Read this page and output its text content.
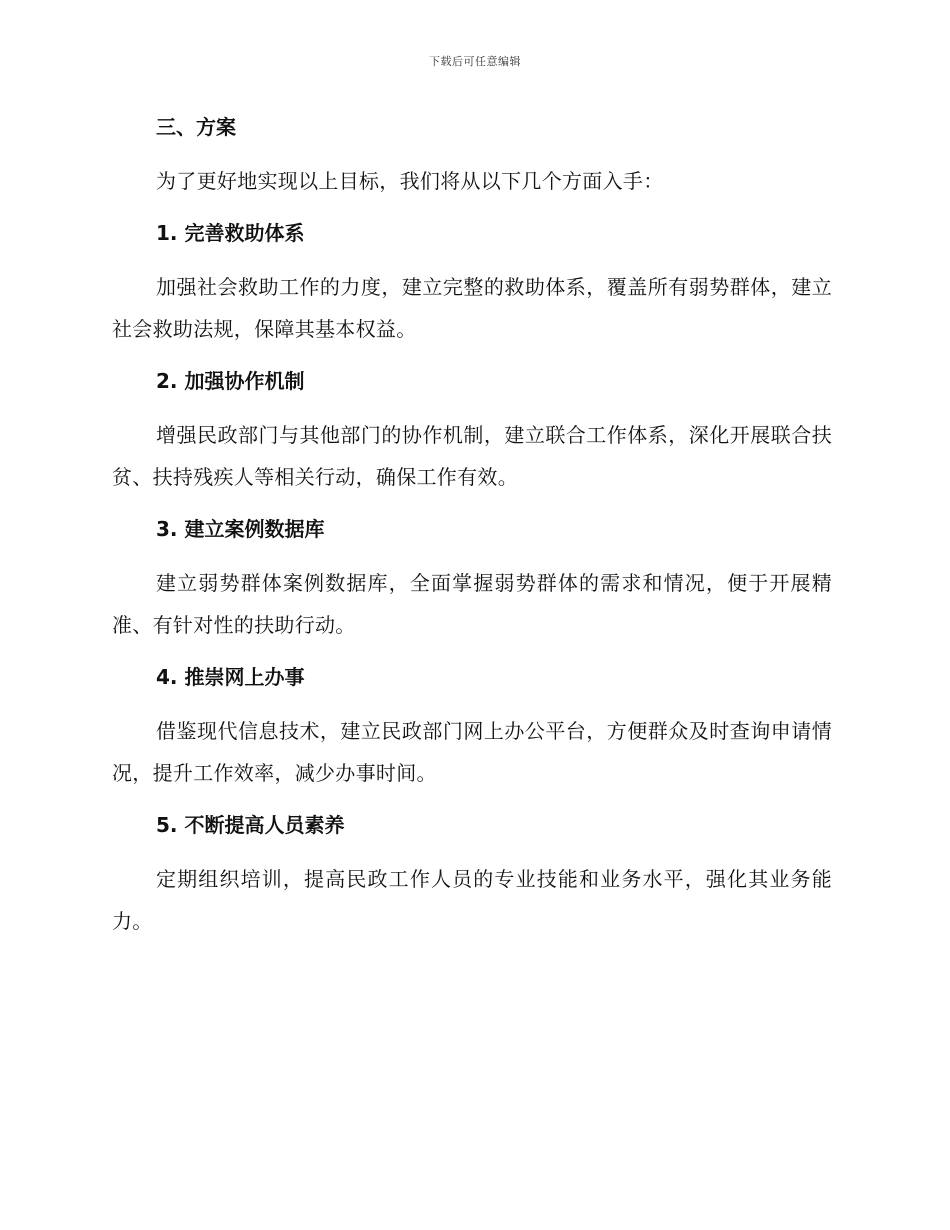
下载后可任意编辑
三、方案

为了更好地实现以上目标，我们将从以下几个方面入手：

1. 完善救助体系

加强社会救助工作的力度，建立完整的救助体系，覆盖所有弱势群体，建立社会救助法规，保障其基本权益。

2. 加强协作机制

增强民政部门与其他部门的协作机制，建立联合工作体系，深化开展联合扶贫、扶持残疾人等相关行动，确保工作有效。

3. 建立案例数据库

建立弱势群体案例数据库，全面掌握弱势群体的需求和情况，便于开展精准、有针对性的扶助行动。

4. 推崇网上办事

借鉴现代信息技术，建立民政部门网上办公平台，方便群众及时查询申请情况，提升工作效率，减少办事时间。

5. 不断提高人员素养

定期组织培训，提高民政工作人员的专业技能和业务水平，强化其业务能力。
